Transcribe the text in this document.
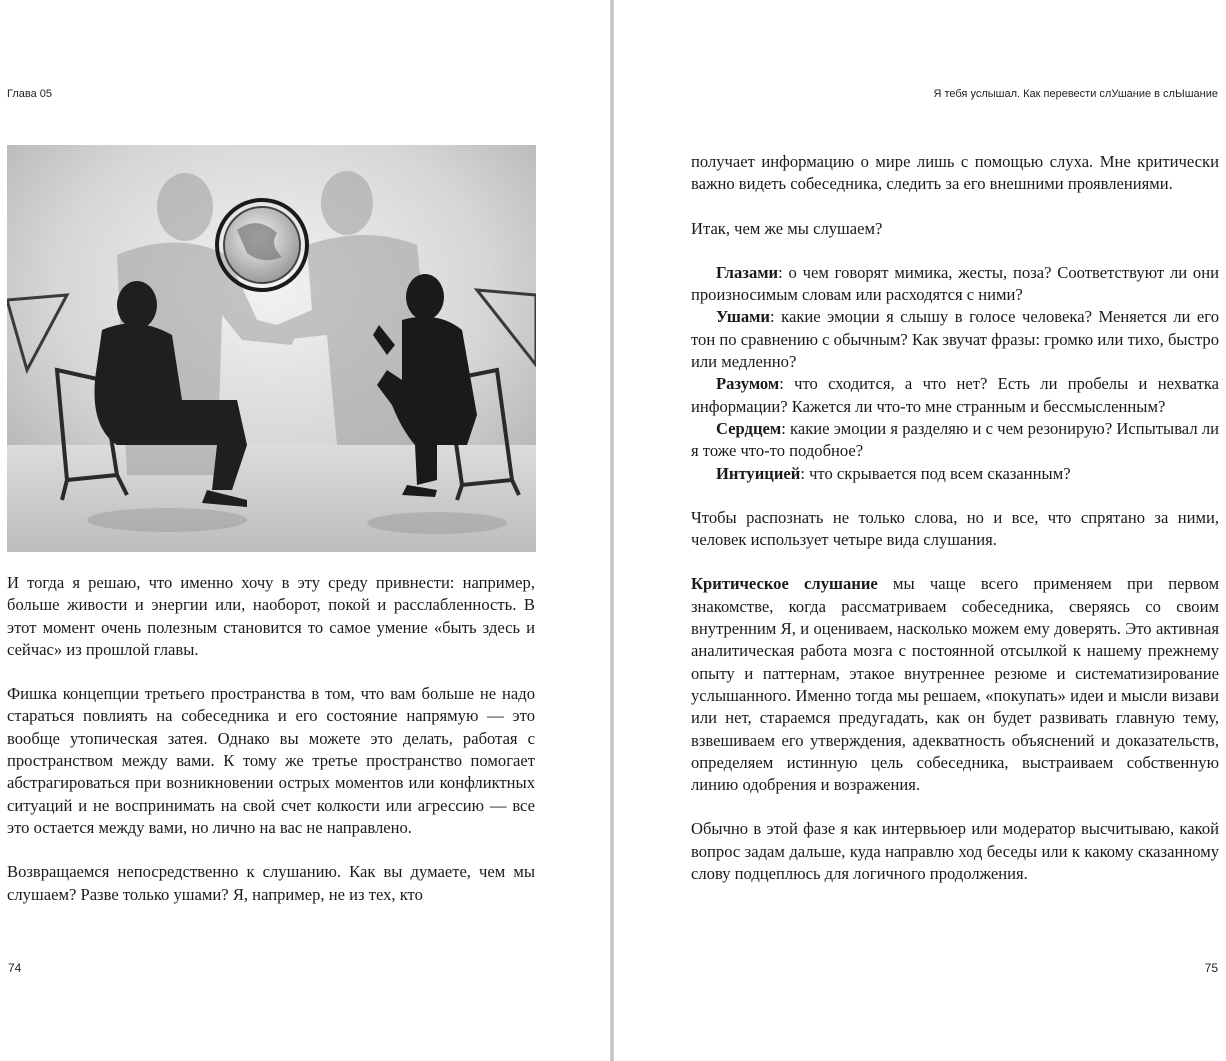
Глава 05

И тогда я решаю, что именно хочу в эту среду привнести: например, больше живости и энергии или, наоборот, покой и расслабленность. В этот момент очень полезным становится то самое умение «быть здесь и сейчас» из прошлой главы.

Фишка концепции третьего пространства в том, что вам больше не надо стараться повлиять на собеседника и его состояние напрямую — это вообще утопическая затея. Однако вы можете это делать, работая с пространством между вами. К тому же третье пространство помогает абстрагироваться при возникновении острых моментов или конфликтных ситуаций и не воспринимать на свой счет колкости или агрессию — все это остается между вами, но лично на вас не направлено.

Возвращаемся непосредственно к слушанию. Как вы думаете, чем мы слушаем? Разве только ушами? Я, например, не из тех, кто

74
Я тебя услышал. Как перевести слУшание в слЫшание

получает информацию о мире лишь с помощью слуха. Мне критически важно видеть собеседника, следить за его внешними проявлениями.

Итак, чем же мы слушаем?

Глазами: о чем говорят мимика, жесты, поза? Соответствуют ли они произносимым словам или расходятся с ними?

Ушами: какие эмоции я слышу в голосе человека? Меняется ли его тон по сравнению с обычным? Как звучат фразы: громко или тихо, быстро или медленно?

Разумом: что сходится, а что нет? Есть ли пробелы и нехватка информации? Кажется ли что-то мне странным и бессмысленным?

Сердцем: какие эмоции я разделяю и с чем резонирую? Испытывал ли я тоже что-то подобное?

Интуицией: что скрывается под всем сказанным?

Чтобы распознать не только слова, но и все, что спрятано за ними, человек использует четыре вида слушания.

Критическое слушание мы чаще всего применяем при первом знакомстве, когда рассматриваем собеседника, сверяясь со своим внутренним Я, и оцениваем, насколько можем ему доверять. Это активная аналитическая работа мозга с постоянной отсылкой к нашему прежнему опыту и паттернам, этакое внутреннее резюме и систематизирование услышанного. Именно тогда мы решаем, «покупать» идеи и мысли визави или нет, стараемся предугадать, как он будет развивать главную тему, взвешиваем его утверждения, адекватность объяснений и доказательств, определяем истинную цель собеседника, выстраиваем собственную линию одобрения и возражения.

Обычно в этой фазе я как интервьюер или модератор высчитываю, какой вопрос задам дальше, куда направлю ход беседы или к какому сказанному слову подцеплюсь для логичного продолжения.

75
